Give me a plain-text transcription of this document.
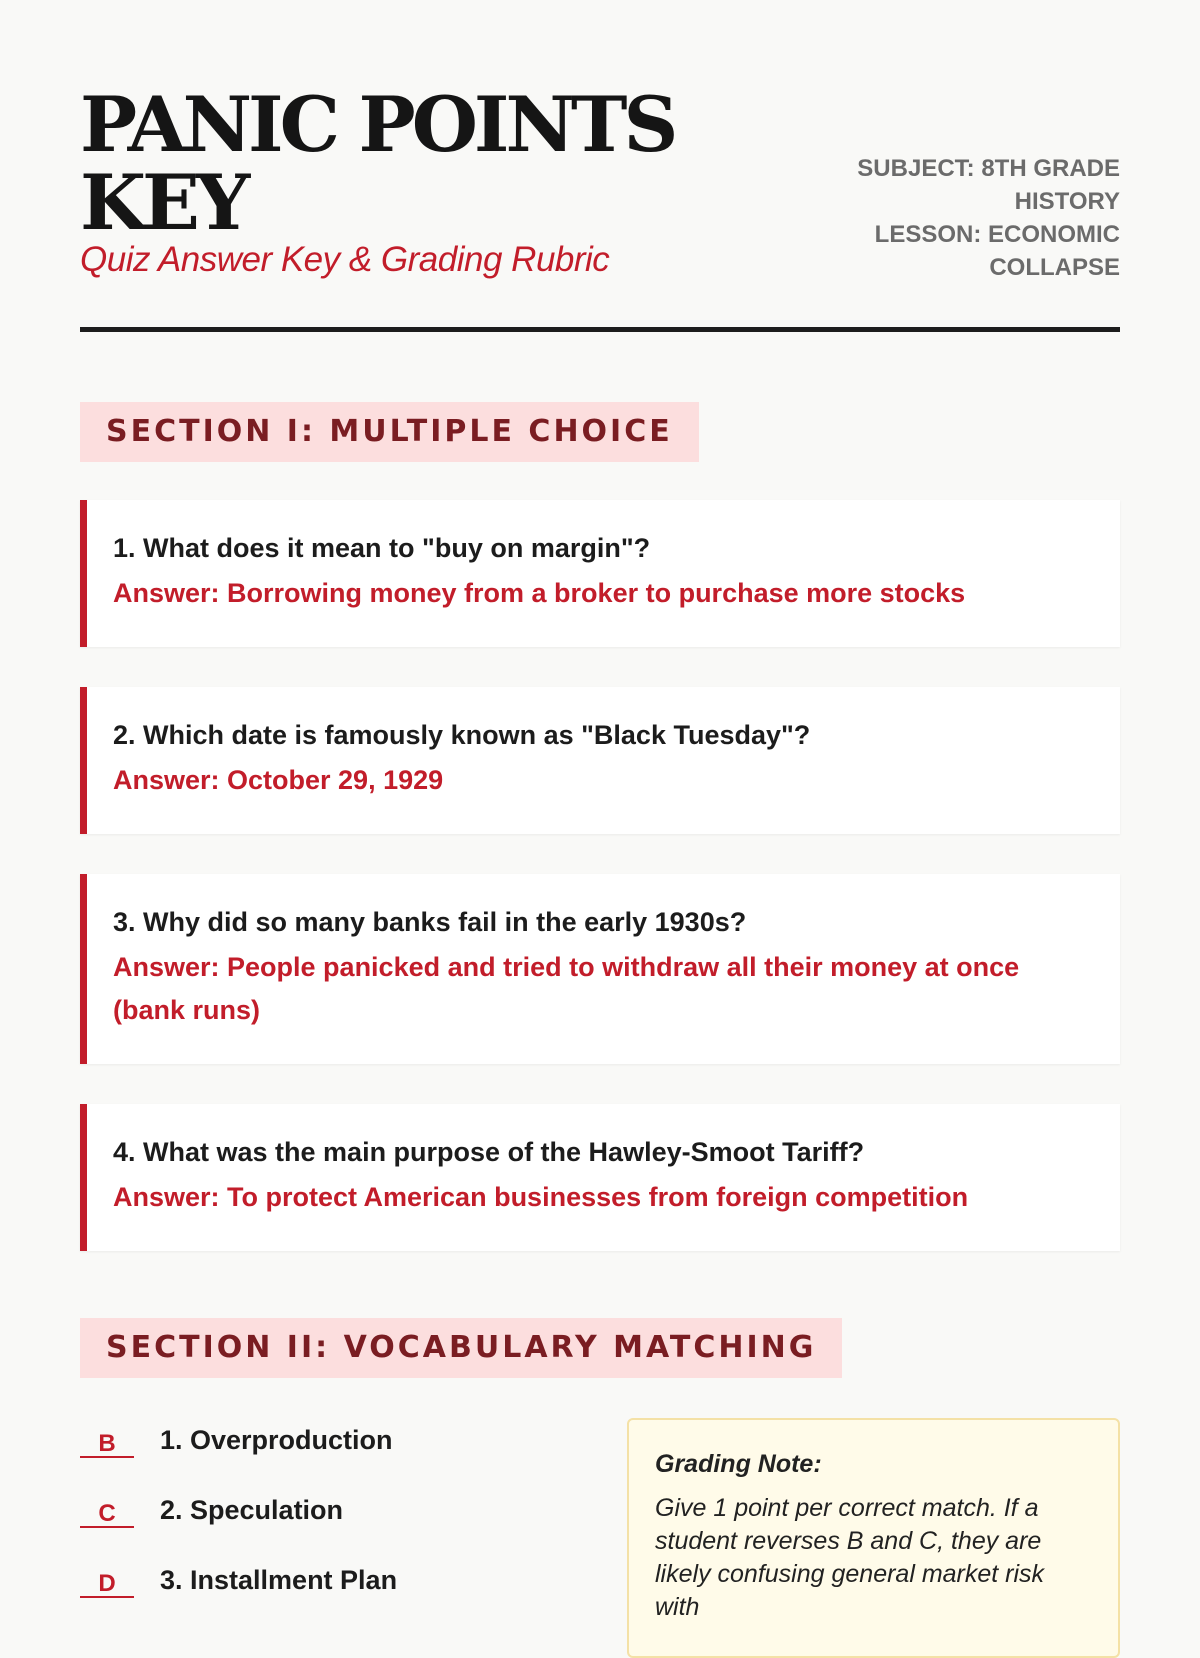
PANIC POINTS KEY
Quiz Answer Key & Grading Rubric
SUBJECT: 8TH GRADE HISTORY
LESSON: ECONOMIC COLLAPSE
SECTION I: MULTIPLE CHOICE
1. What does it mean to "buy on margin"?
Answer: Borrowing money from a broker to purchase more stocks
2. Which date is famously known as "Black Tuesday"?
Answer: October 29, 1929
3. Why did so many banks fail in the early 1930s?
Answer: People panicked and tried to withdraw all their money at once (bank runs)
4. What was the main purpose of the Hawley-Smoot Tariff?
Answer: To protect American businesses from foreign competition
SECTION II: VOCABULARY MATCHING
B	1. Overproduction
C	2. Speculation
D	3. Installment Plan
Grading Note:
Give 1 point per correct match. If a student reverses B and C, they are likely confusing general market risk with
